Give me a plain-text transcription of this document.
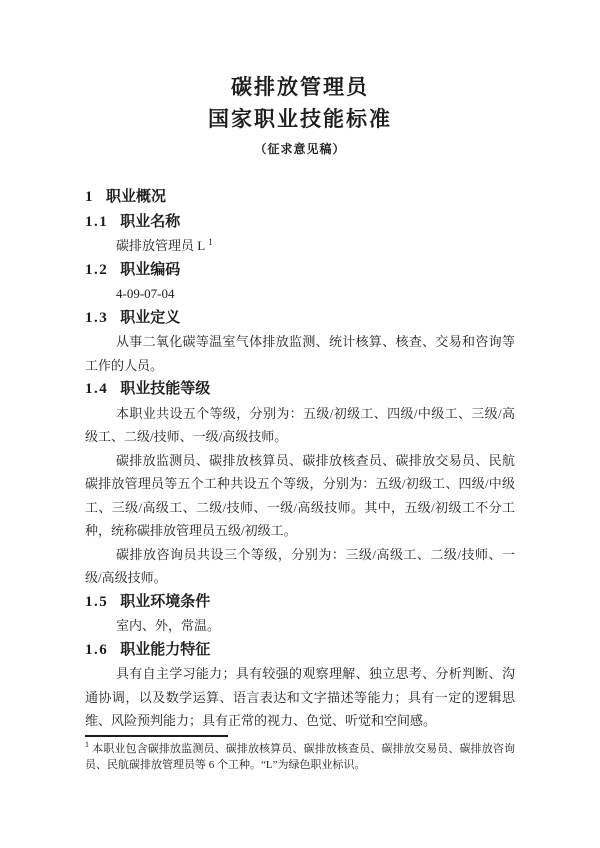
碳排放管理员
国家职业技能标准
（征求意见稿）
1 职业概况
1.1 职业名称
碳排放管理员 L $^1$
1.2 职业编码
4-09-07-04
1.3 职业定义

从事二氧化碳等温室气体排放监测、统计核算、核查、交易和咨询等工作的人员。

1.4 职业技能等级

本职业共设五个等级，分别为：五级/初级工、四级/中级工、三级/高级工、二级/技师、一级/高级技师。

碳排放监测员、碳排放核算员、碳排放核查员、碳排放交易员、民航碳排放管理员等五个工种共设五个等级，分别为：五级/初级工、四级/中级工、三级/高级工、二级/技师、一级/高级技师。其中，五级/初级工不分工种，统称碳排放管理员五级/初级工。

碳排放咨询员共设三个等级，分别为：三级/高级工、二级/技师、一级/高级技师。

1.5 职业环境条件
室内、外，常温。
1.6 职业能力特征

具有自主学习能力；具有较强的观察理解、独立思考、分析判断、沟通协调，以及数学运算、语言表达和文字描述等能力；具有一定的逻辑思维、风险预判能力；具有正常的视力、色觉、听觉和空间感。

$^1$ 本职业包含碳排放监测员、碳排放核算员、碳排放核查员、碳排放交易员、碳排放咨询员、民航碳排放管理员等 6 个工种。“L”为绿色职业标识。
